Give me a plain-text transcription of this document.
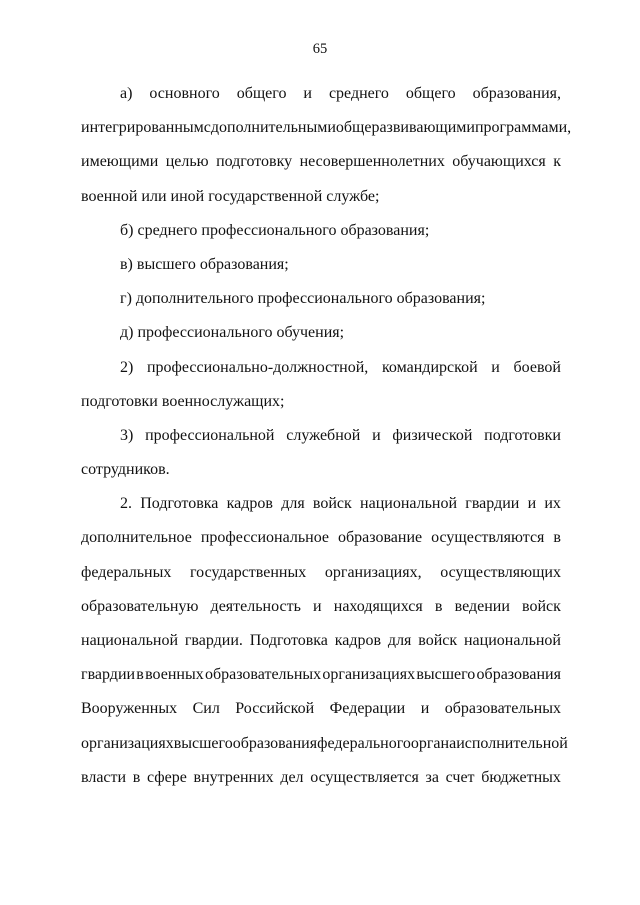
65
а) основного общего и среднего общего образования,
интегрированным с дополнительными общеразвивающими программами,
имеющими целью подготовку несовершеннолетних обучающихся к
военной или иной государственной службе;
б) среднего профессионального образования;
в) высшего образования;
г) дополнительного профессионального образования;
д) профессионального обучения;
2) профессионально-должностной, командирской и боевой
подготовки военнослужащих;
3) профессиональной служебной и физической подготовки
сотрудников.
2. Подготовка кадров для войск национальной гвардии и их
дополнительное профессиональное образование осуществляются в
федеральных государственных организациях, осуществляющих
образовательную деятельность и находящихся в ведении войск
национальной гвардии. Подготовка кадров для войск национальной
гвардии в военных образовательных организациях высшего образования
Вооруженных Сил Российской Федерации и образовательных
организациях высшего образования федерального органа исполнительной
власти в сфере внутренних дел осуществляется за счет бюджетных
